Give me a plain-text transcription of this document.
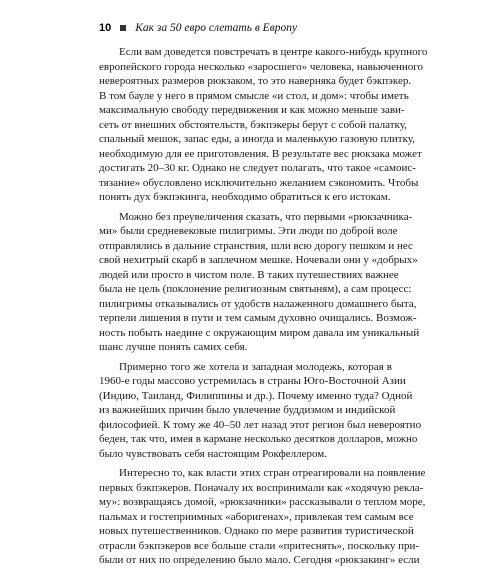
10 Как за 50 евро слетать в Европу
Если вам доведется повстречать в центре какого-нибудь крупного
европейского города несколько «заросшего» человека, навьюченного
невероятных размеров рюкзаком, то это наверняка будет бэкпэкер.
В том бауле у него в прямом смысле «и стол, и дом»: чтобы иметь
максимальную свободу передвижения и как можно меньше зави-
сеть от внешних обстоятельств, бэкпэкеры берут с собой палатку,
спальный мешок, запас еды, а иногда и маленькую газовую плитку,
необходимую для ее приготовления. В результате вес рюкзака может
достигать 20–30 кг. Однако не следует полагать, что такое «самоис-
тязание» обусловлено исключительно желанием сэкономить. Чтобы
понять дух бэкпэкинга, необходимо обратиться к его истокам.
Можно без преувеличения сказать, что первыми «рюкзачника-
ми» были средневековые пилигримы. Эти люди по доброй воле
отправлялись в дальние странствия, шли всю дорогу пешком и нес
свой нехитрый скарб в заплечном мешке. Ночевали они у «добрых»
людей или просто в чистом поле. В таких путешествиях важнее
была не цель (поклонение религиозным святыням), а сам процесс:
пилигримы отказывались от удобств налаженного домашнего быта,
терпели лишения в пути и тем самым духовно очищались. Возмож-
ность побыть наедине с окружающим миром давала им уникальный
шанс лучше понять самих себя.
Примерно того же хотела и западная молодежь, которая в
1960-е годы массово устремилась в страны Юго-Восточной Азии
(Индию, Таиланд, Филиппины и др.). Почему именно туда? Одной
из важнейших причин было увлечение буддизмом и индийской
философией. К тому же 40–50 лет назад этот регион был невероятно
беден, так что, имея в кармане несколько десятков долларов, можно
было чувствовать себя настоящим Рокфеллером.
Интересно то, как власти этих стран отреагировали на появление
первых бэкпэкеров. Поначалу их воспринимали как «ходячую рекла-
му»: возвращаясь домой, «рюкзачники» рассказывали о теплом море,
пальмах и гостеприимных «аборигенах», привлекая тем самым все
новых путешественников. Однако по мере развития туристической
отрасли бэкпэкеров все больше стали «притеснять», поскольку при-
были от них по определению было мало. Сегодня «рюкзакинг» если
